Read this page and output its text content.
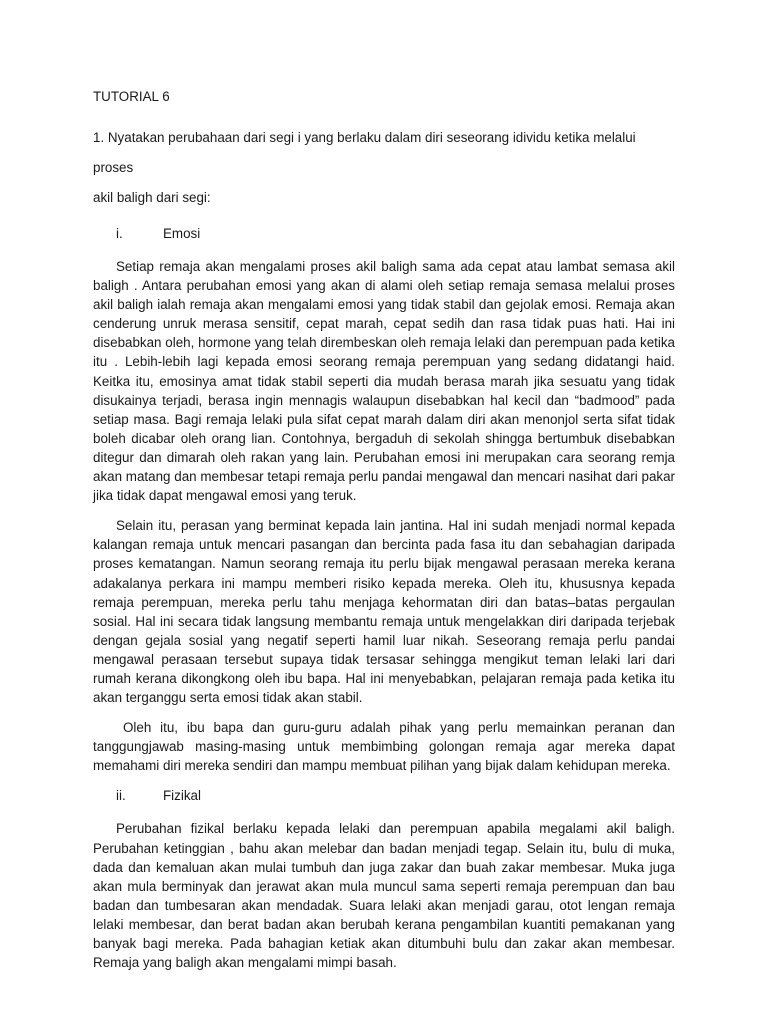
TUTORIAL 6

1. Nyatakan perubahaan dari segi i yang berlaku dalam diri seseorang idividu ketika melalui proses

akil baligh dari segi:

i.	Emosi

Setiap remaja akan mengalami proses akil baligh sama ada cepat atau lambat semasa akil baligh . Antara perubahan emosi yang akan di alami oleh setiap remaja semasa melalui proses akil baligh ialah remaja akan mengalami emosi yang tidak stabil dan gejolak emosi. Remaja akan cenderung unruk merasa sensitif, cepat marah, cepat sedih dan rasa tidak puas hati. Hai ini disebabkan oleh, hormone yang telah dirembeskan oleh remaja lelaki dan perempuan pada ketika itu . Lebih-lebih lagi kepada emosi seorang remaja perempuan yang sedang didatangi haid. Keitka itu, emosinya amat tidak stabil seperti dia mudah berasa marah jika sesuatu yang tidak disukainya terjadi, berasa ingin mennagis walaupun disebabkan hal kecil dan “badmood” pada setiap masa. Bagi remaja lelaki pula sifat cepat marah dalam diri akan menonjol serta sifat tidak boleh dicabar oleh orang lian. Contohnya, bergaduh di sekolah shingga bertumbuk disebabkan ditegur dan dimarah oleh rakan yang lain. Perubahan emosi ini merupakan cara seorang remja akan matang dan membesar tetapi remaja perlu pandai mengawal dan mencari nasihat dari pakar jika tidak dapat mengawal emosi yang teruk.

Selain itu, perasan yang berminat kepada lain jantina. Hal ini sudah menjadi normal kepada kalangan remaja untuk mencari pasangan dan bercinta pada fasa itu dan sebahagian daripada proses kematangan. Namun seorang remaja itu perlu bijak mengawal perasaan mereka kerana adakalanya perkara ini mampu memberi risiko kepada mereka. Oleh itu, khususnya kepada remaja perempuan, mereka perlu tahu menjaga kehormatan diri dan batas–batas pergaulan sosial. Hal ini secara tidak langsung membantu remaja untuk mengelakkan diri daripada terjebak dengan gejala sosial yang negatif seperti hamil luar nikah. Seseorang remaja perlu pandai mengawal perasaan tersebut supaya tidak tersasar sehingga mengikut teman lelaki lari dari rumah kerana dikongkong oleh ibu bapa. Hal ini menyebabkan, pelajaran remaja pada ketika itu akan terganggu serta emosi tidak akan stabil.

Oleh itu, ibu bapa dan guru-guru adalah pihak yang perlu memainkan peranan dan tanggungjawab masing-masing untuk membimbing golongan remaja agar mereka dapat memahami diri mereka sendiri dan mampu membuat pilihan yang bijak dalam kehidupan mereka.

ii.	Fizikal

Perubahan fizikal berlaku kepada lelaki dan perempuan apabila megalami akil baligh. Perubahan ketinggian , bahu akan melebar dan badan menjadi tegap. Selain itu, bulu di muka, dada dan kemaluan akan mulai tumbuh dan juga zakar dan buah zakar membesar. Muka juga akan mula berminyak dan jerawat akan mula muncul sama seperti remaja perempuan dan bau badan dan tumbesaran akan mendadak. Suara lelaki akan menjadi garau, otot lengan remaja lelaki membesar, dan berat badan akan berubah kerana pengambilan kuantiti pemakanan yang banyak bagi mereka. Pada bahagian ketiak akan ditumbuhi bulu dan zakar akan membesar. Remaja yang baligh akan mengalami mimpi basah.
